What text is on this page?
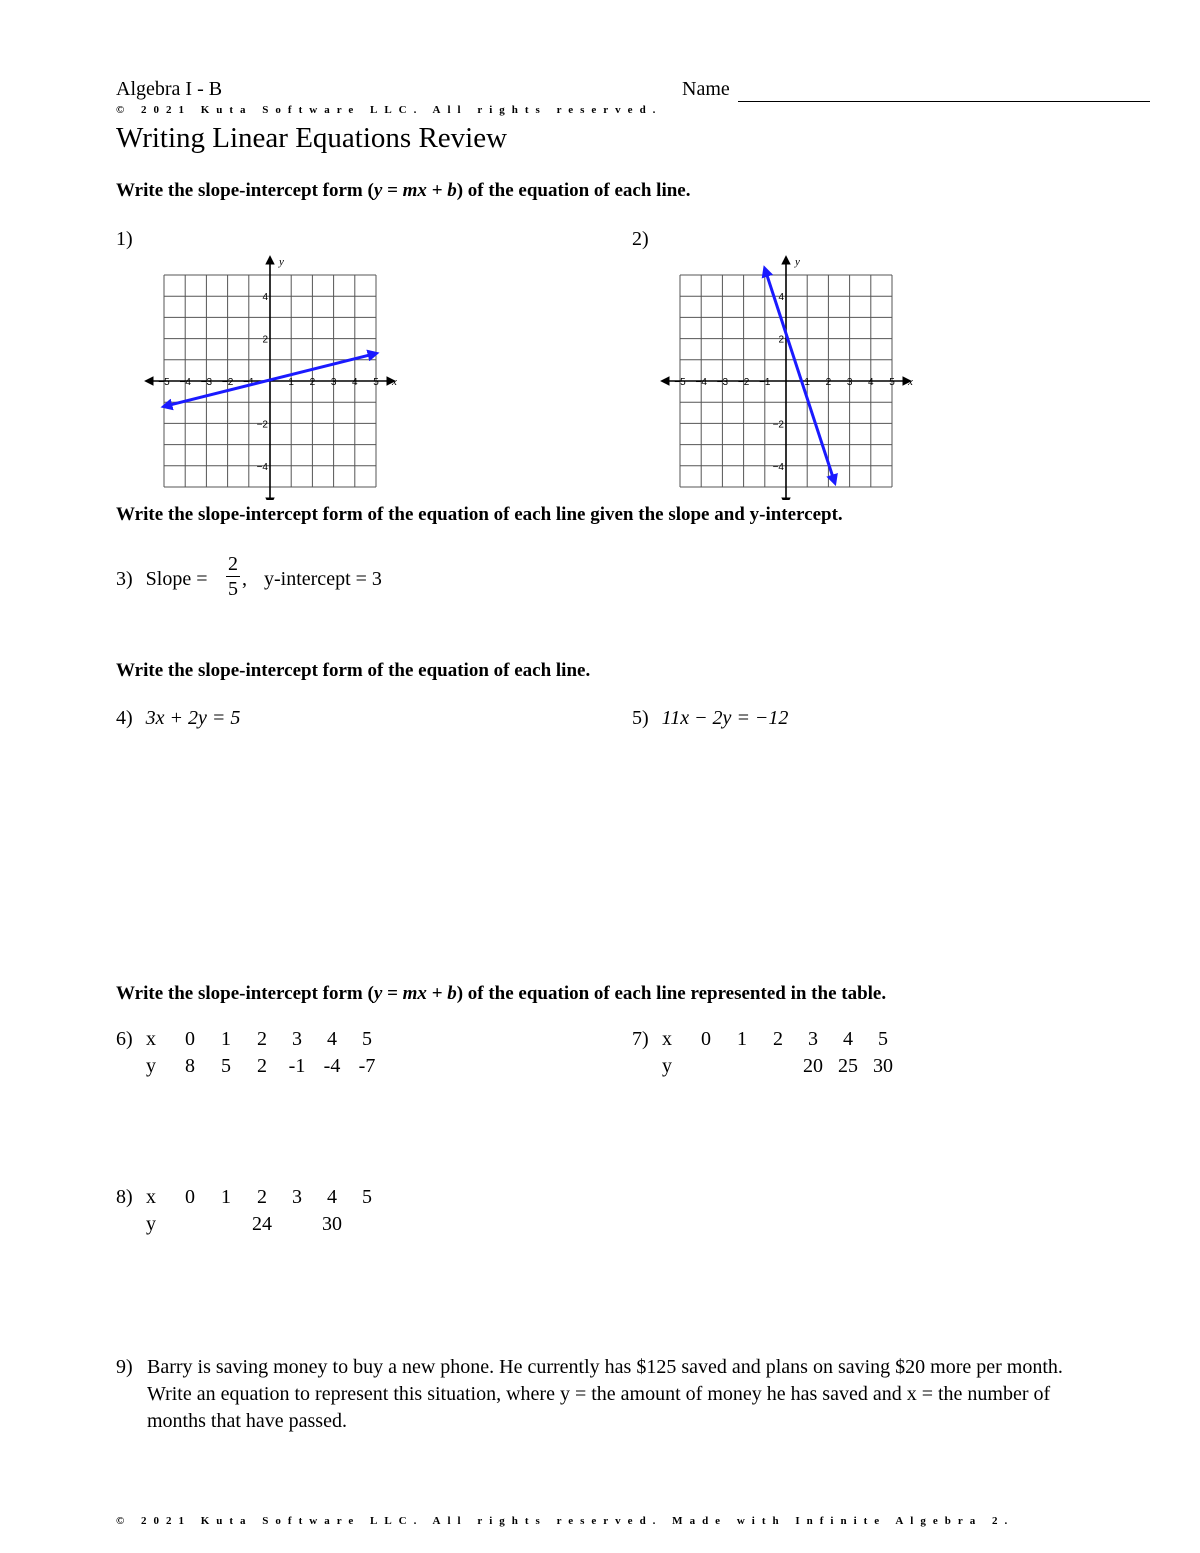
Algebra I - B	Name
© 2021 Kuta Software LLC. All rights reserved.
Writing Linear Equations Review
Write the slope-intercept form (y = mx + b) of the equation of each line.
1)	2)
x
y
−5 −4 −3 −2 −1	1 2 3 4 5
4
2
−2
−4
x
y
−5 −4 −3 −2 −1	1 2 3 4 5
4
2
−2
−4
Write the slope-intercept form of the equation of each line given the slope and y-intercept.
3) Slope =
2
5 , y-intercept = 3
Write the slope-intercept form of the equation of each line.
4) 3x + 2y = 5	5) 11x − 2y = −12
Write the slope-intercept form (y = mx + b) of the equation of each line represented in the table.
6)	x	0	1	2	3	4	5
	y	8	5	2	-1	-4	-7
7)	x	0	1	2	3	4	5
	y				20	25	30
8)	x	0	1	2	3	4	5
	y			24		30	
9) Barry is saving money to buy a new phone. He currently has $125 saved and plans on saving $20 more per month. Write an equation to represent this situation, where y = the amount of money he has saved and x = the number of months that have passed.
© 2021 Kuta Software LLC. All rights reserved. Made with Infinite Algebra 2.
